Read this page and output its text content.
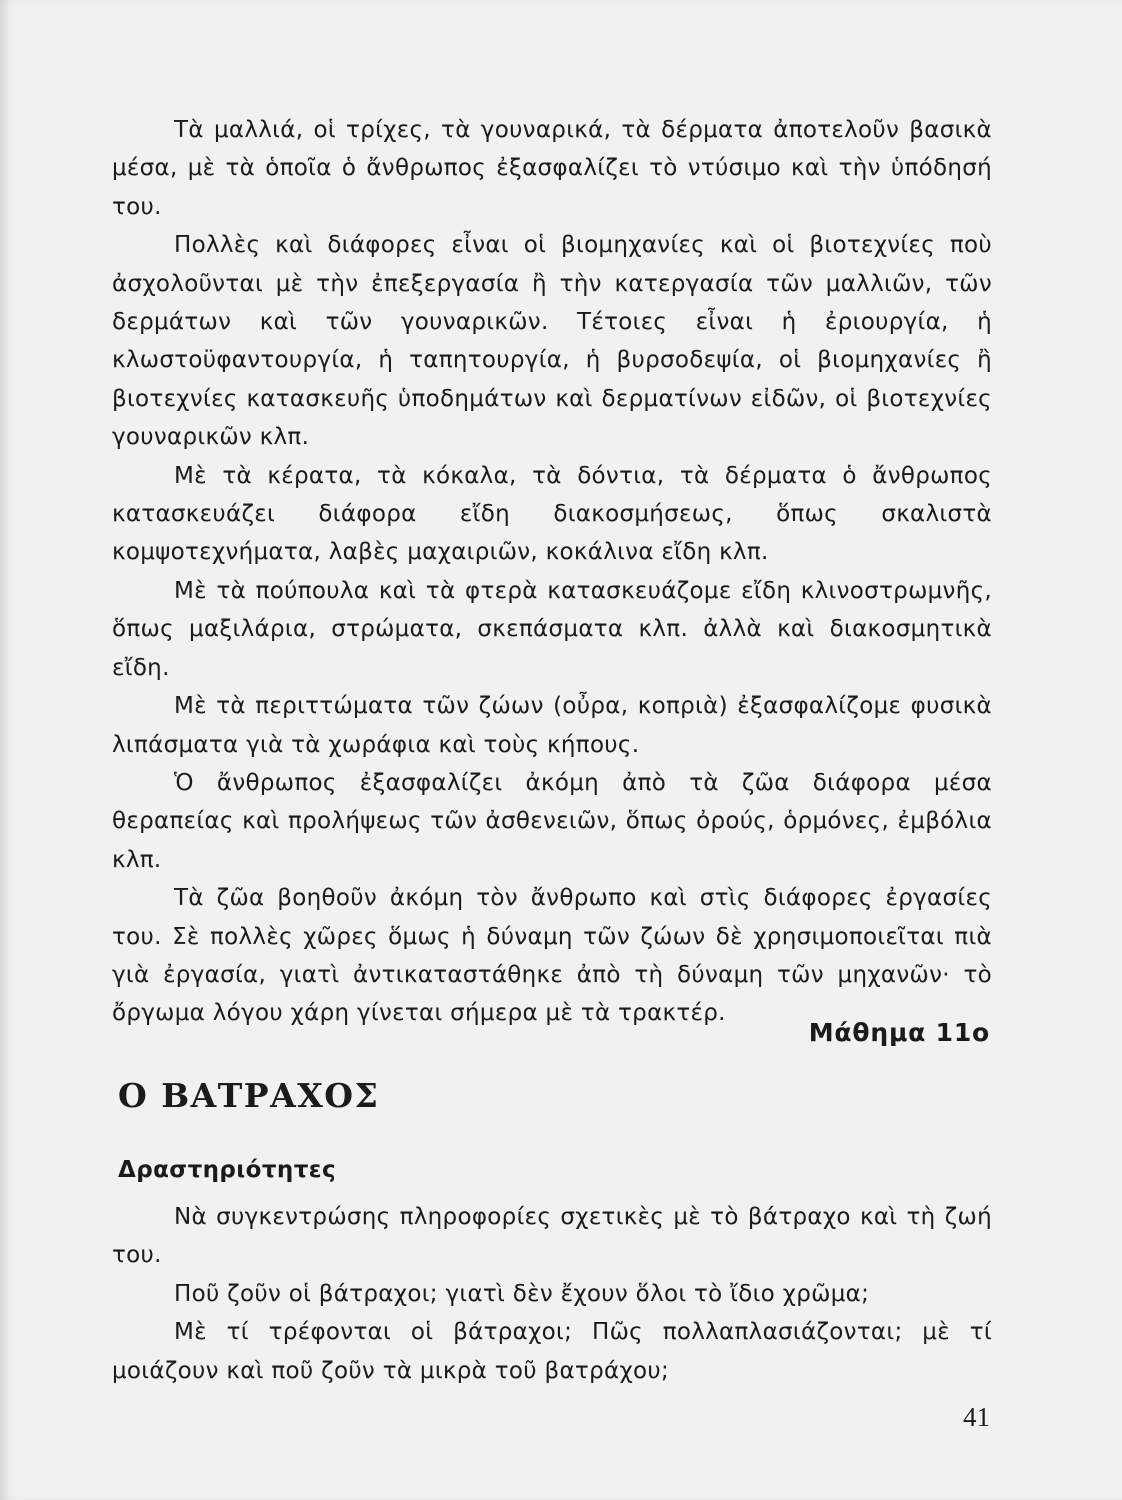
Τὰ μαλλιά, οἱ τρίχες, τὰ γουναρικά, τὰ δέρματα ἀποτελοῦν βασικὰ μέσα, μὲ τὰ ὁποῖα ὁ ἄνθρωπος ἐξασφαλίζει τὸ ντύσιμο καὶ τὴν ὑπόδησή του.

Πολλὲς καὶ διάφορες εἶναι οἱ βιομηχανίες καὶ οἱ βιοτεχνίες ποὺ ἀσχολοῦνται μὲ τὴν ἐπεξεργασία ἢ τὴν κατεργασία τῶν μαλλιῶν, τῶν δερμάτων καὶ τῶν γουναρικῶν. Τέτοιες εἶναι ἡ ἐριουργία, ἡ κλωστοϋφαντουργία, ἡ ταπητουργία, ἡ βυρσοδεψία, οἱ βιομηχανίες ἢ βιοτεχνίες κατασκευῆς ὑποδημάτων καὶ δερματίνων εἰδῶν, οἱ βιοτεχνίες γουναρικῶν κλπ.

Μὲ τὰ κέρατα, τὰ κόκαλα, τὰ δόντια, τὰ δέρματα ὁ ἄνθρωπος κατασκευάζει διάφορα εἴδη διακοσμήσεως, ὅπως σκαλιστὰ κομψοτεχνήματα, λαβὲς μαχαιριῶν, κοκάλινα εἴδη κλπ.

Μὲ τὰ πούπουλα καὶ τὰ φτερὰ κατασκευάζομε εἴδη κλινοστρωμνῆς, ὅπως μαξιλάρια, στρώματα, σκεπάσματα κλπ. ἀλλὰ καὶ διακοσμητικὰ εἴδη.

Μὲ τὰ περιττώματα τῶν ζώων (οὖρα, κοπριὰ) ἐξασφαλίζομε φυσικὰ λιπάσματα γιὰ τὰ χωράφια καὶ τοὺς κήπους.

Ὁ ἄνθρωπος ἐξασφαλίζει ἀκόμη ἀπὸ τὰ ζῶα διάφορα μέσα θεραπείας καὶ προλήψεως τῶν ἀσθενειῶν, ὅπως ὀρούς, ὁρμόνες, ἐμβόλια κλπ.

Τὰ ζῶα βοηθοῦν ἀκόμη τὸν ἄνθρωπο καὶ στὶς διάφορες ἐργασίες του. Σὲ πολλὲς χῶρες ὅμως ἡ δύναμη τῶν ζώων δὲ χρησιμοποιεῖται πιὰ γιὰ ἐργασία, γιατὶ ἀντικαταστάθηκε ἀπὸ τὴ δύναμη τῶν μηχανῶν· τὸ ὄργωμα λόγου χάρη γίνεται σήμερα μὲ τὰ τρακτέρ.

Μάθημα 11ο
Ο ΒΑΤΡΑΧΟΣ
Δραστηριότητες

Νὰ συγκεντρώσης πληροφορίες σχετικὲς μὲ τὸ βάτραχο καὶ τὴ ζωή του.

Ποῦ ζοῦν οἱ βάτραχοι; γιατὶ δὲν ἔχουν ὅλοι τὸ ἴδιο χρῶμα;

Μὲ τί τρέφονται οἱ βάτραχοι; Πῶς πολλαπλασιάζονται; μὲ τί μοιάζουν καὶ ποῦ ζοῦν τὰ μικρὰ τοῦ βατράχου;

41
